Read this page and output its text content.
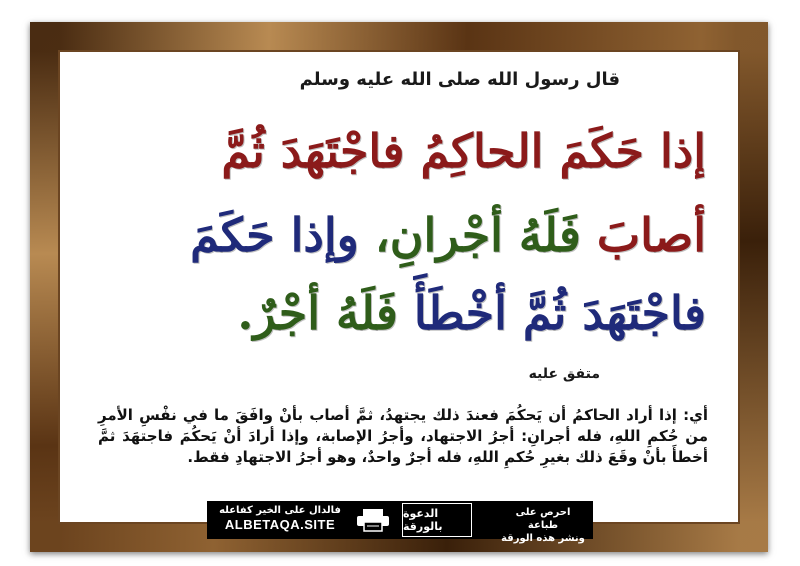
قال رسول الله صلى الله عليه وسلم
إذا حَكَمَ الحاكِمُ فاجْتَهَدَ ثُمَّ
أصابَ فَلَهُ أجْرانِ، وإذا حَكَمَ
فاجْتَهَدَ ثُمَّ أخْطَأَ فَلَهُ أجْرٌ.
متفق عليه
أي: إذا أراد الحاكمُ أن يَحكُمَ فعندَ ذلك يجتهدُ، ثمَّ أصاب بأنْ وافَقَ ما في نفْسِ الأمرِ من حُكمِ اللهِ، فله أجرانِ: أجرُ الاجتهاد، وأجرُ الإصابة، وإذا أرادَ أنْ يَحكُمَ فاجتهَدَ ثمَّ أخطأَ بأنْ وقَعَ ذلك بغيرِ حُكمِ اللهِ، فله أجرٌ واحدٌ، وهو أجرُ الاجتهادِ فقط.
احرص على طباعة
ونشر هذه الورقة
الدعوة بالورقة
فالدال على الخير كفاعله
ALBETAQA.SITE
